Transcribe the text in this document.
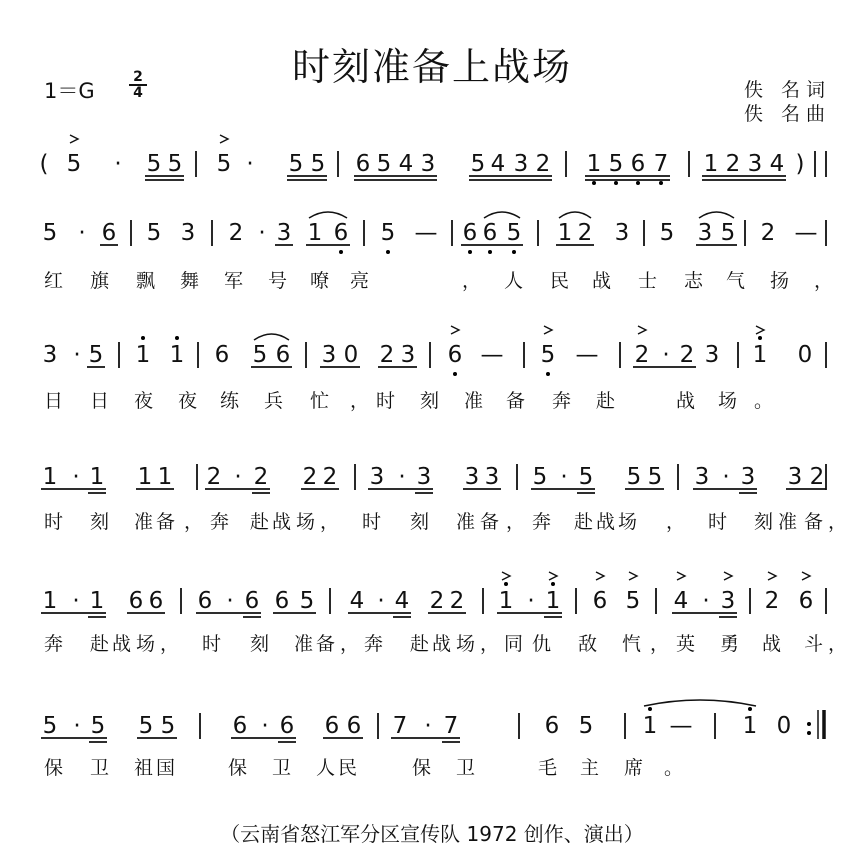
时刻准备上战场
1＝G
2
4	佚 名词
佚 名曲
( 5 · 5 5 5 · 5 5 6 5 4 3 5 4 3 2 1 5 6 7 1 2 3 4 )
5 · 6 5 3 2 · 3 1 6 5 — 6 6 5 1 2 3 5 3 5 2 —
3 · 5 1 1 6 5 6 3 0 2 3 6 — 5 — 2 · 2 3 1 0
1 · 1 1 1 2 · 2 2 2 3 · 3 3 3 5 · 5 5 5 3 · 3 3 2
1 · 1 6 6 6 · 6 6 5 4 · 4 2 2 1 · 1 6 5 4 · 3 2 6
5 · 5 5 5 6 · 6 6 6 7 · 7	6 5 1 — 1 0
红 旗 飘 舞 军 号 嘹 亮	， 人 民 战 士 志 气 扬 ，
日 日 夜 夜 练 兵 忙 ， 时 刻 准 备 奔 赴	战 场 。
时 刻 准 备 ， 奔 赴 战 场 ， 时 刻 准 备 ， 奔 赴 战 场 ， 时 刻 准 备 ，
奔 赴 战 场 ， 时 刻 准 备 ， 奔 赴 战 场 ， 同 仇 敌 忾 ， 英 勇 战 斗 ，
保 卫 祖 国	保 卫 人 民	保 卫	毛 主 席 。
（云南省怒江军分区宣传队 1972 创作、演出）
